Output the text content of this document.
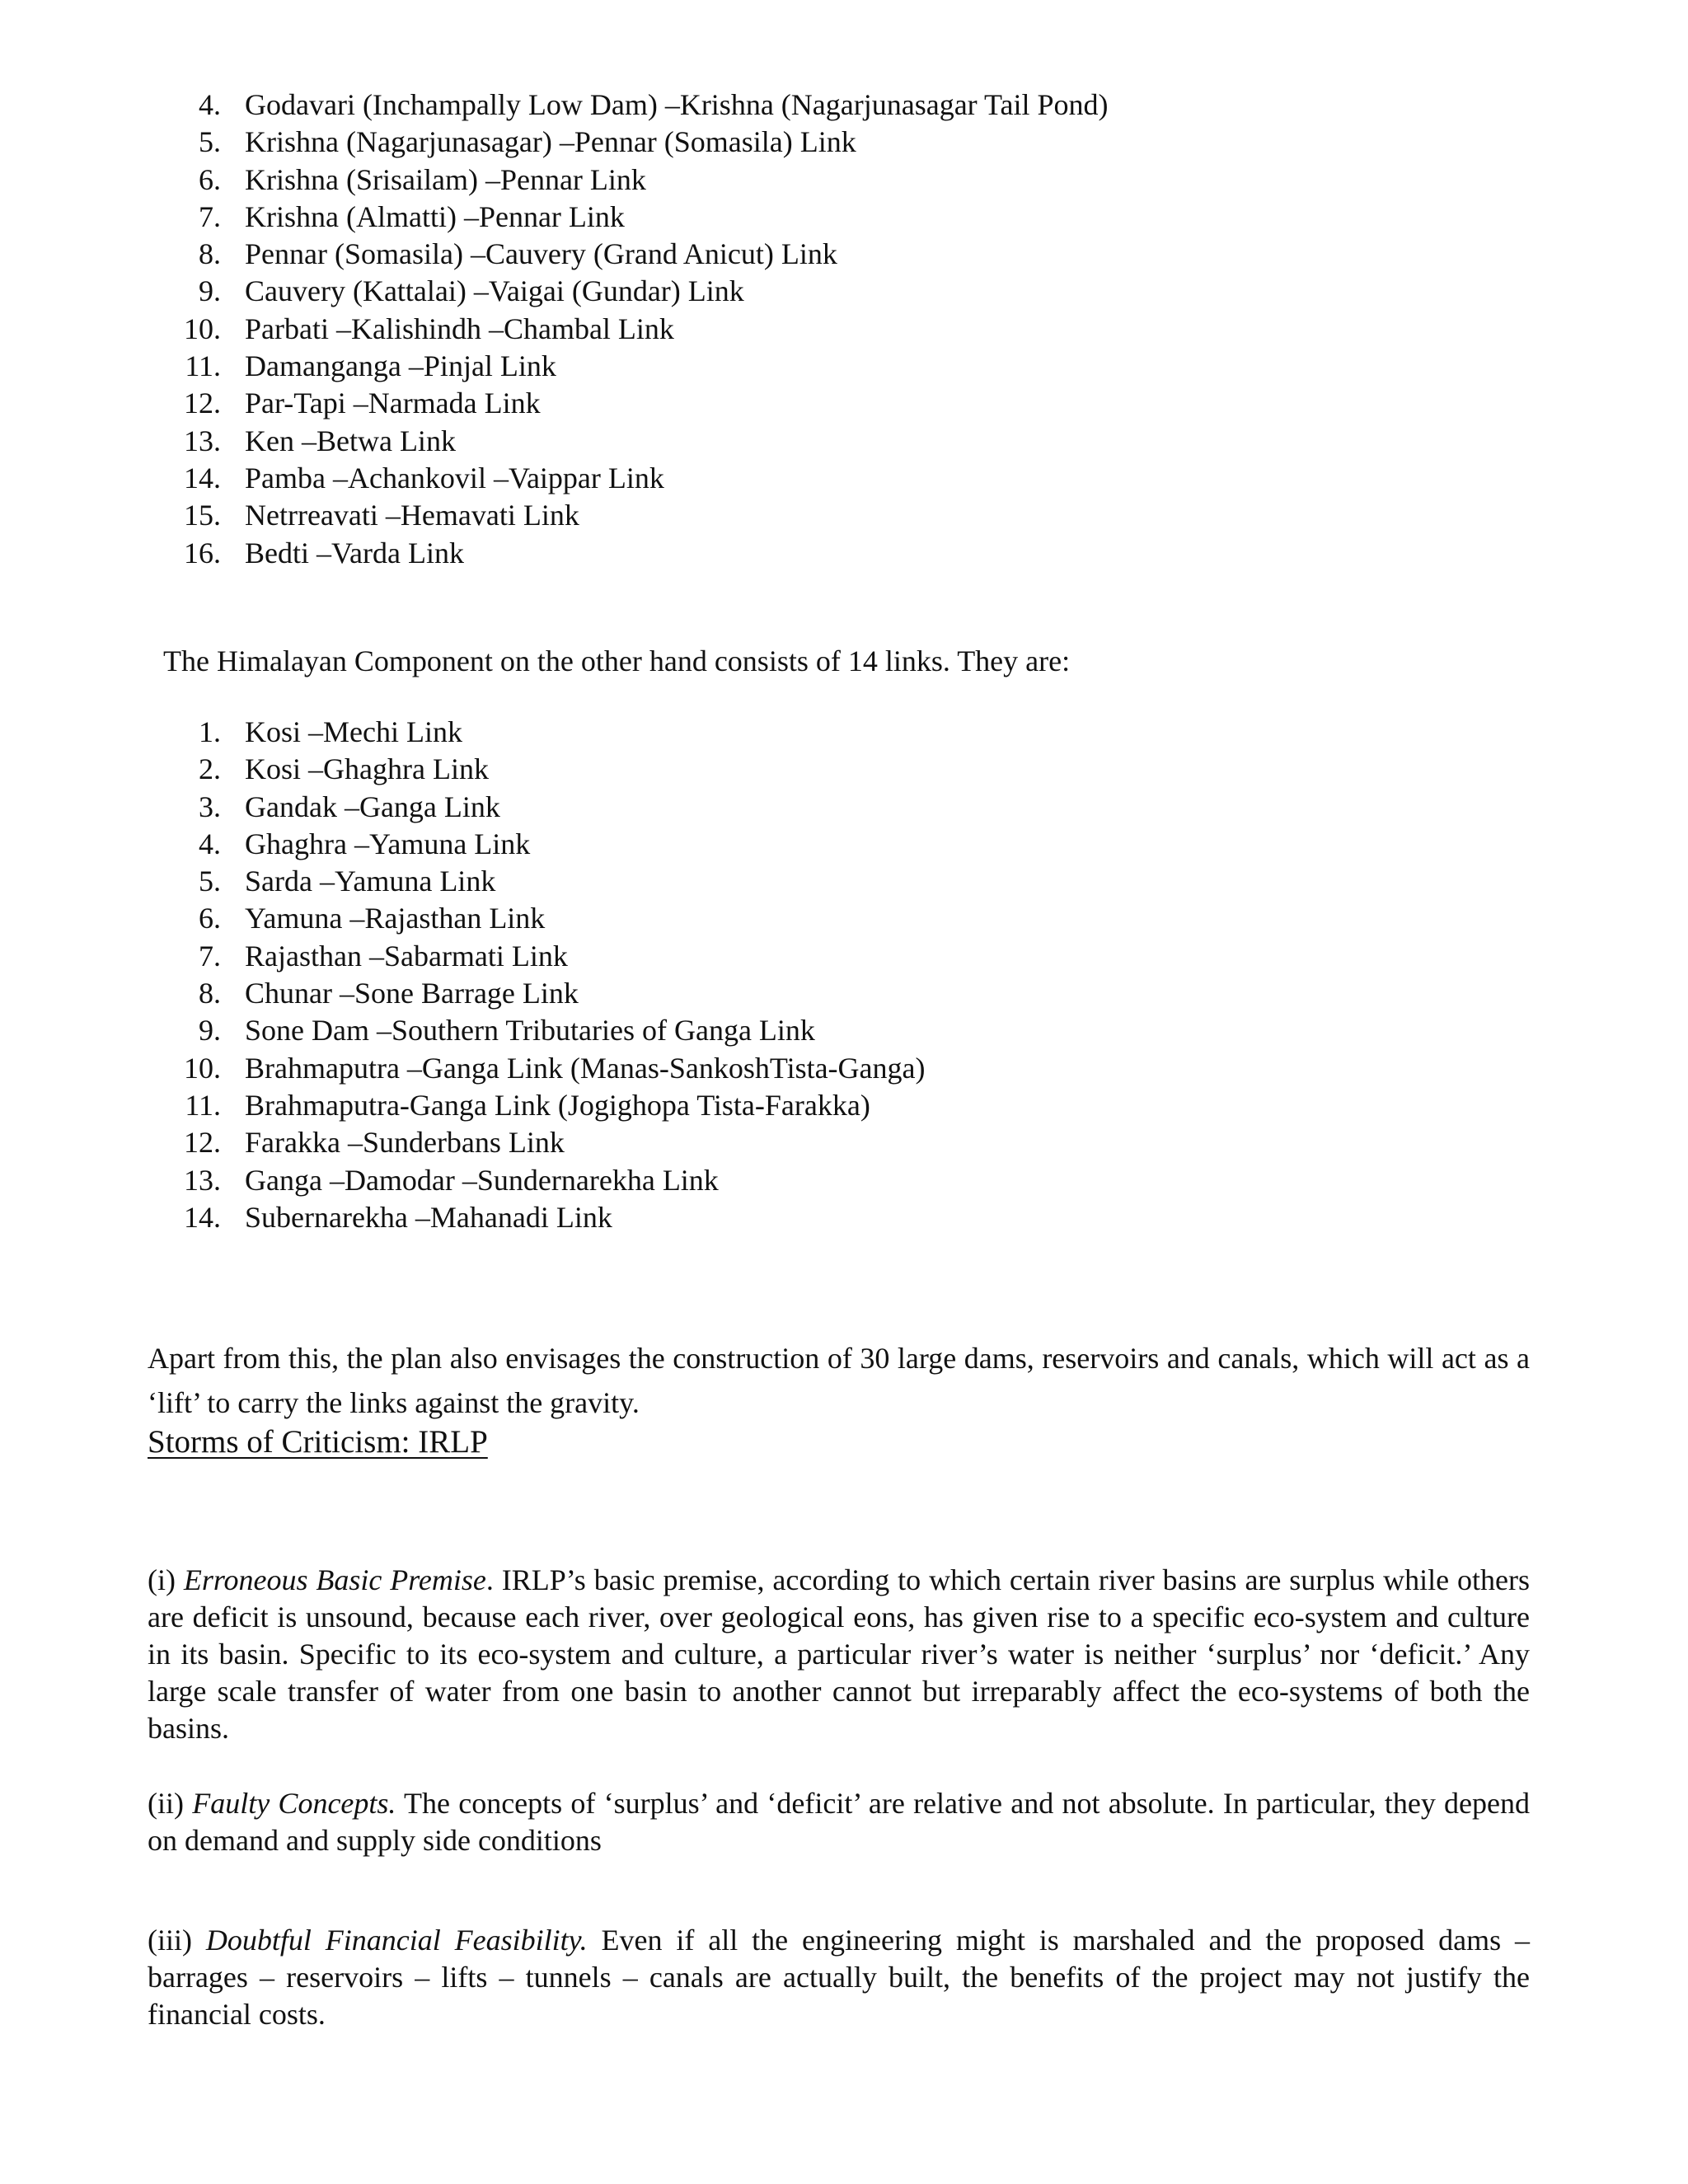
4. Godavari (Inchampally Low Dam) –Krishna (Nagarjunasagar Tail Pond)
5. Krishna (Nagarjunasagar) –Pennar (Somasila) Link
6. Krishna (Srisailam) –Pennar Link
7. Krishna (Almatti) –Pennar Link
8. Pennar (Somasila) –Cauvery (Grand Anicut) Link
9. Cauvery (Kattalai) –Vaigai (Gundar) Link
10. Parbati –Kalishindh –Chambal Link
11. Damanganga –Pinjal Link
12. Par-Tapi –Narmada Link
13. Ken –Betwa Link
14. Pamba –Achankovil –Vaippar Link
15. Netrreavati –Hemavati Link
16. Bedti –Varda Link
The Himalayan Component on the other hand consists of 14 links. They are:
1. Kosi –Mechi Link
2. Kosi –Ghaghra Link
3. Gandak –Ganga Link
4. Ghaghra –Yamuna Link
5. Sarda –Yamuna Link
6. Yamuna –Rajasthan Link
7. Rajasthan –Sabarmati Link
8. Chunar –Sone Barrage Link
9. Sone Dam –Southern Tributaries of Ganga Link
10. Brahmaputra –Ganga Link (Manas-SankoshTista-Ganga)
11. Brahmaputra-Ganga Link (Jogighopa Tista-Farakka)
12. Farakka –Sunderbans Link
13. Ganga –Damodar –Sundernarekha Link
14. Subernarekha –Mahanadi Link

Apart from this, the plan also envisages the construction of 30 large dams, reservoirs and canals, which will act as a ‘lift’ to carry the links against the gravity.

Storms of Criticism: IRLP

(i) Erroneous Basic Premise. IRLP’s basic premise, according to which certain river basins are surplus while others are deficit is unsound, because each river, over geological eons, has given rise to a specific eco-system and culture in its basin. Specific to its eco-system and culture, a particular river’s water is neither ‘surplus’ nor ‘deficit.’ Any large scale transfer of water from one basin to another cannot but irreparably affect the eco-systems of both the basins.

(ii) Faulty Concepts. The concepts of ‘surplus’ and ‘deficit’ are relative and not absolute. In particular, they depend on demand and supply side conditions

(iii) Doubtful Financial Feasibility. Even if all the engineering might is marshaled and the proposed dams – barrages – reservoirs – lifts – tunnels – canals are actually built, the benefits of the project may not justify the financial costs.
